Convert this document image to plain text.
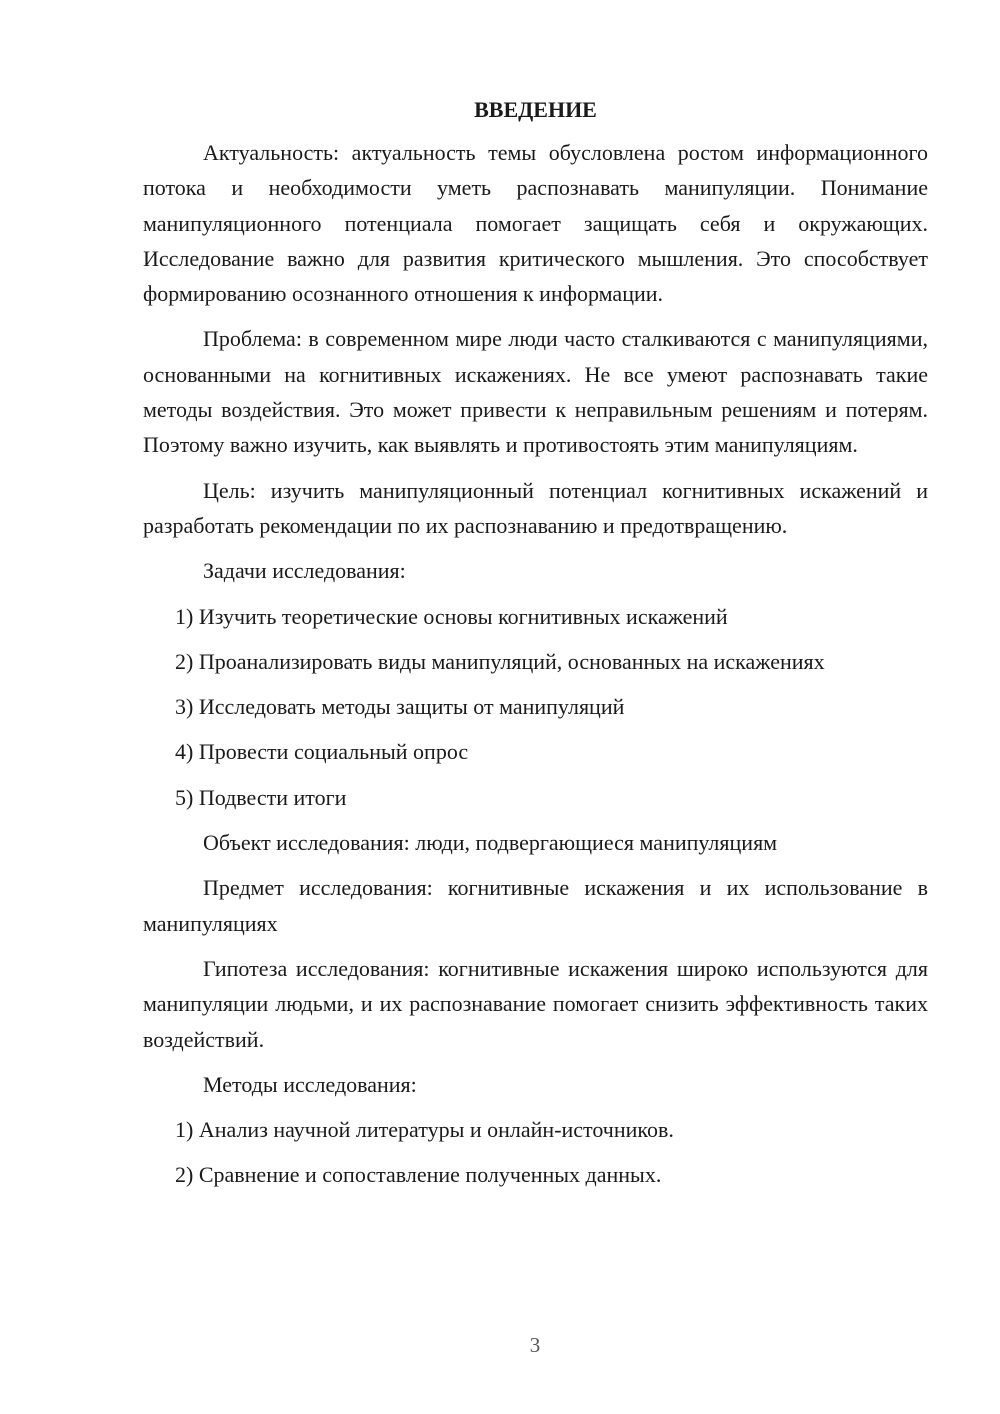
ВВЕДЕНИЕ

Актуальность: актуальность темы обусловлена ростом информационного потока и необходимости уметь распознавать манипуляции. Понимание манипуляционного потенциала помогает защищать себя и окружающих. Исследование важно для развития критического мышления. Это способствует формированию осознанного отношения к информации.

Проблема: в современном мире люди часто сталкиваются с манипуляциями, основанными на когнитивных искажениях. Не все умеют распознавать такие методы воздействия. Это может привести к неправильным решениям и потерям. Поэтому важно изучить, как выявлять и противостоять этим манипуляциям.

Цель: изучить манипуляционный потенциал когнитивных искажений и разработать рекомендации по их распознаванию и предотвращению.

Задачи исследования:
1) Изучить теоретические основы когнитивных искажений
2) Проанализировать виды манипуляций, основанных на искажениях
3) Исследовать методы защиты от манипуляций
4) Провести социальный опрос
5) Подвести итоги
Объект исследования: люди, подвергающиеся манипуляциям

Предмет исследования: когнитивные искажения и их использование в манипуляциях

Гипотеза исследования: когнитивные искажения широко используются для манипуляции людьми, и их распознавание помогает снизить эффективность таких воздействий.

Методы исследования:
1) Анализ научной литературы и онлайн-источников.
2) Сравнение и сопоставление полученных данных.
3
